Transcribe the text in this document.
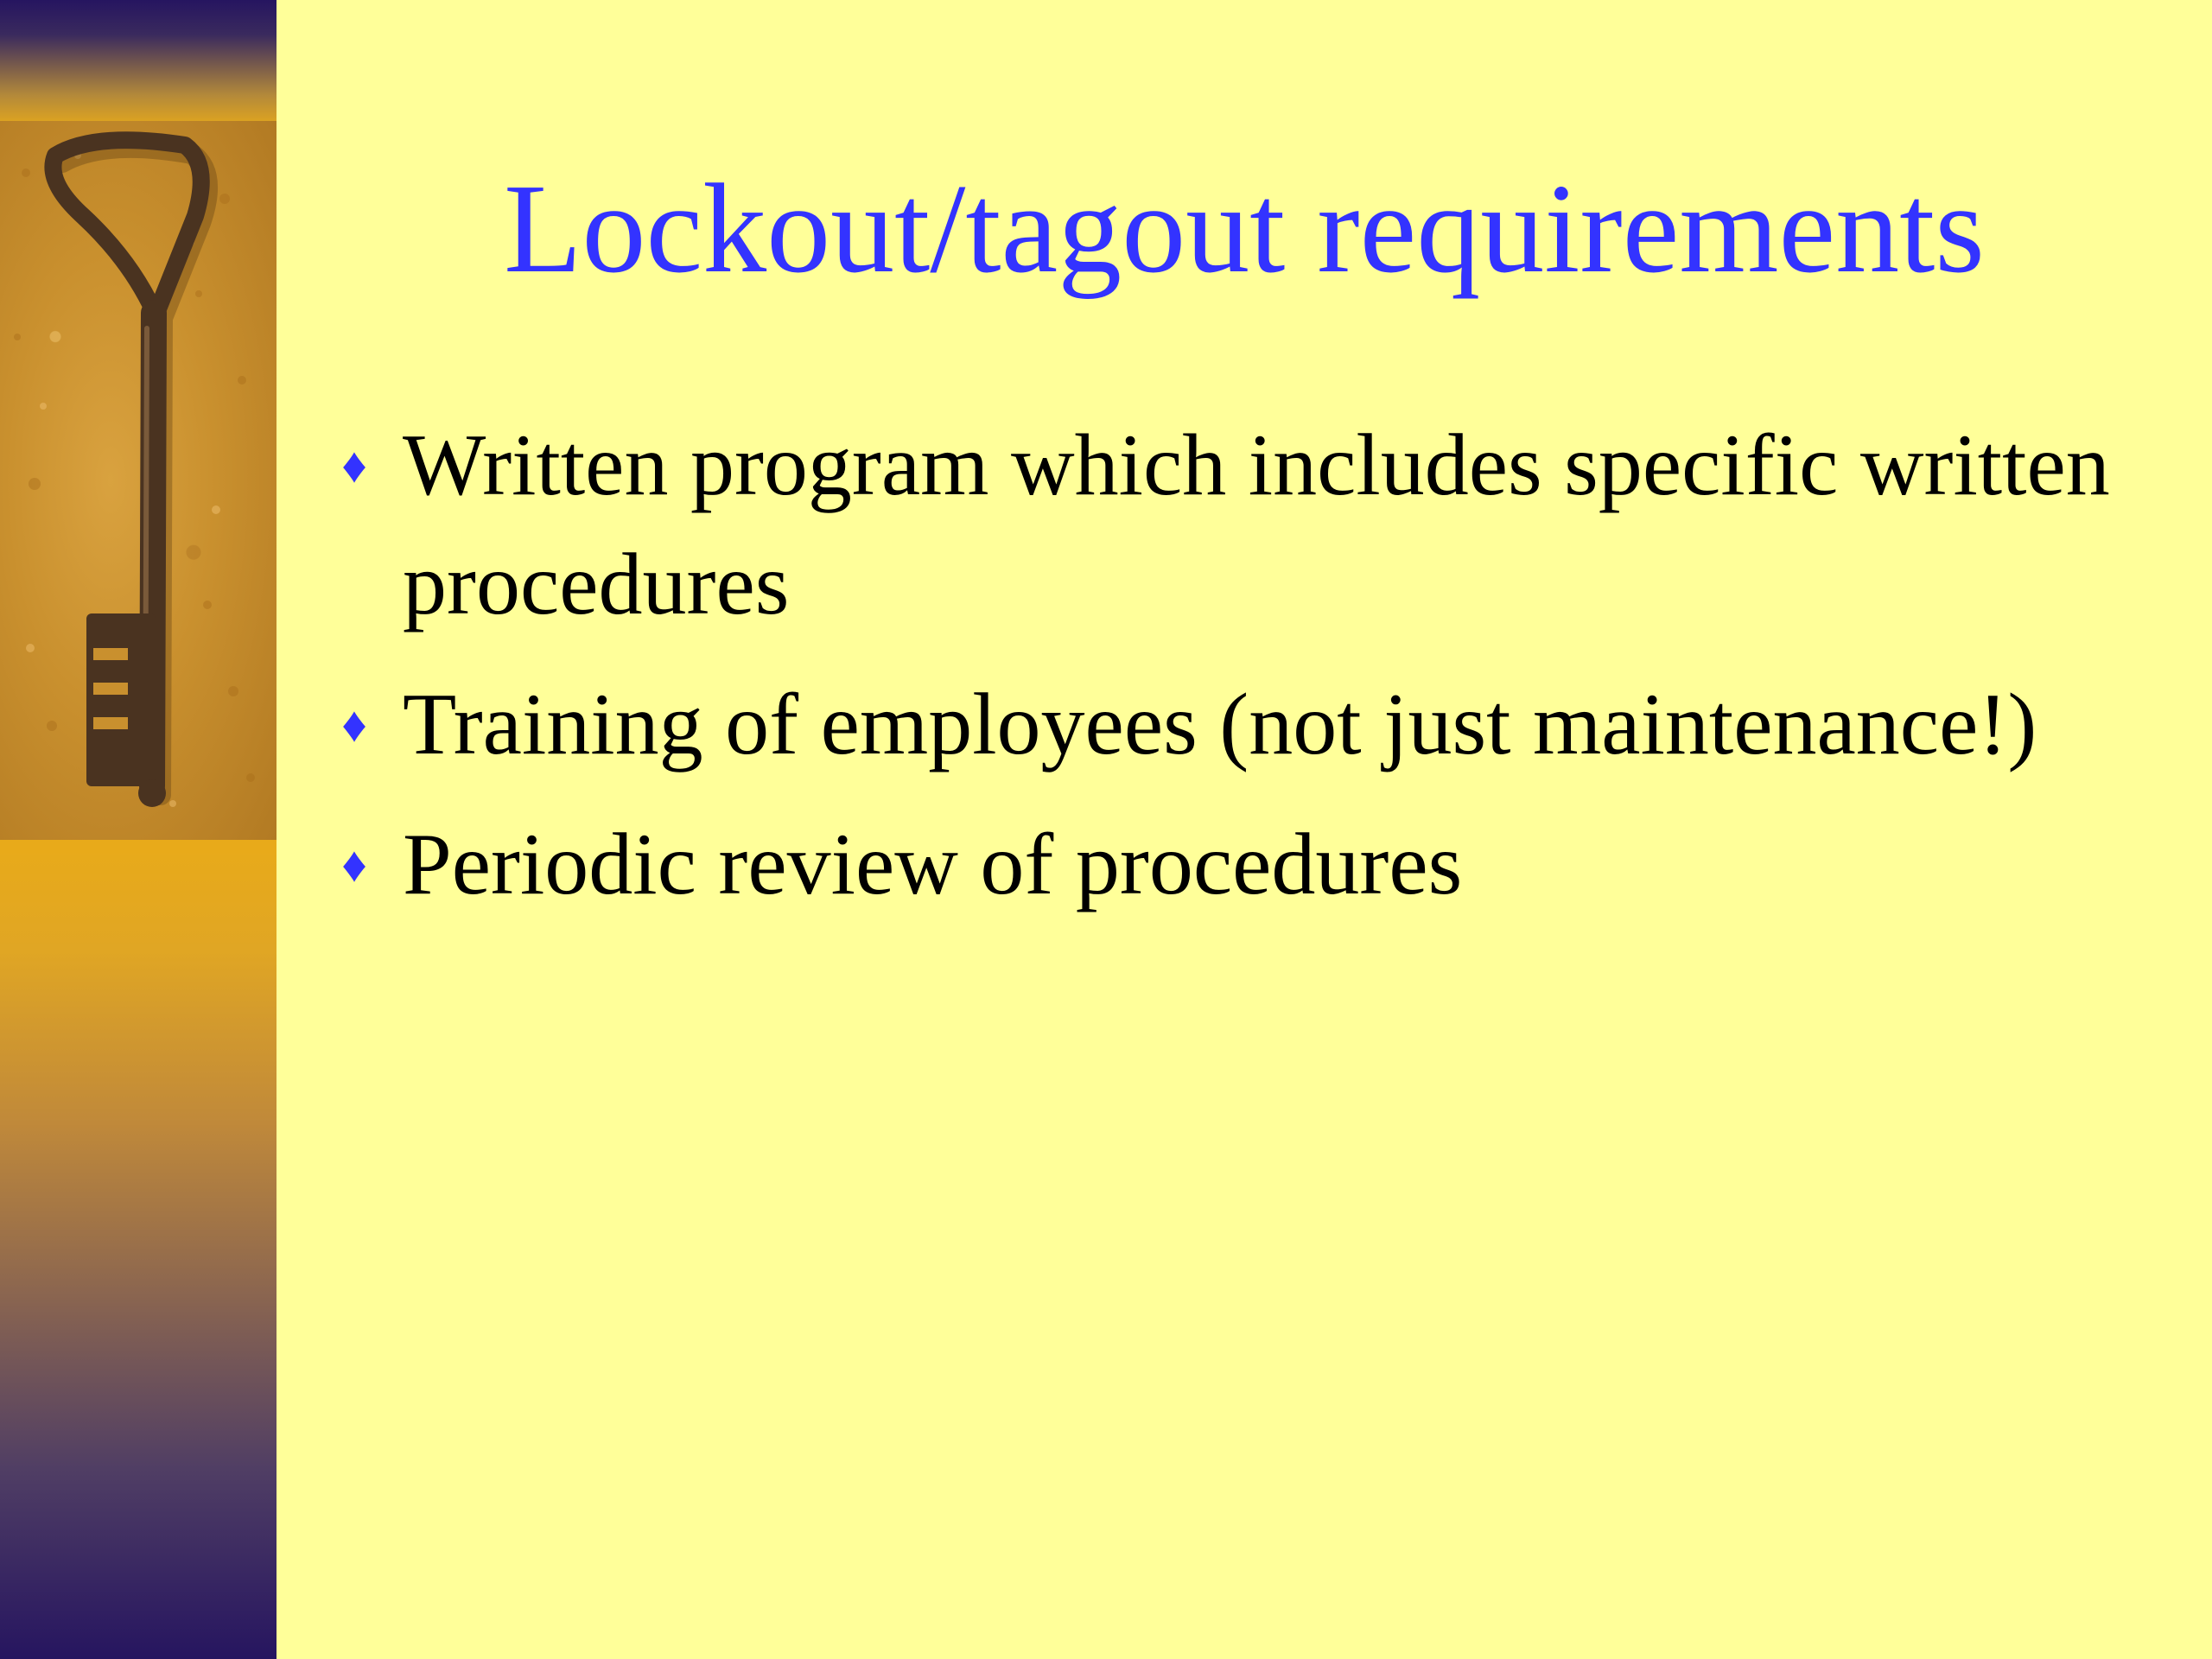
Lockout/tagout requirements
♦ Written program which includes specific written procedures
♦ Training of employees (not just maintenance!)
♦ Periodic review of procedures
